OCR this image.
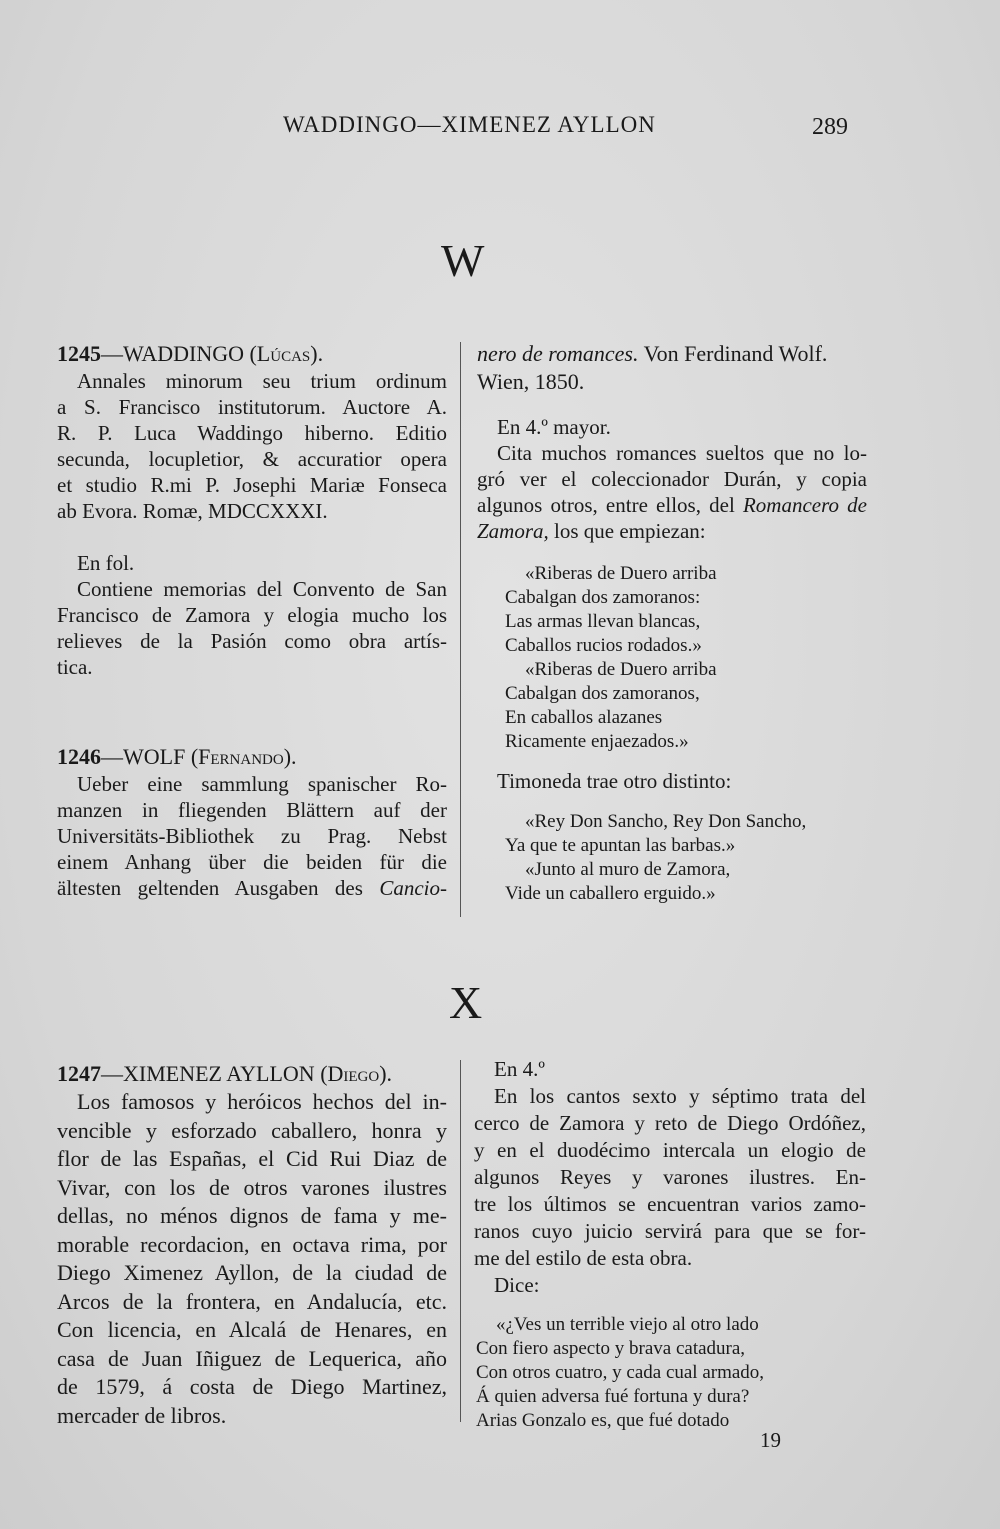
WADDINGO—XIMENEZ AYLLON	289
W

1245—WADDINGO (Lúcas).

Annales minorum seu trium ordinum

a S. Francisco institutorum. Auctore A.

R. P. Luca Waddingo hiberno. Editio

secunda, locupletior, & accuratior opera

et studio R.mi P. Josephi Mariæ Fonseca

ab Evora. Romæ, MDCCXXXI.

En fol.

Contiene memorias del Convento de San

Francisco de Zamora y elogia mucho los

relieves de la Pasión como obra artís-

tica.

1246—WOLF (Fernando).

Ueber eine sammlung spanischer Ro-

manzen in fliegenden Blättern auf der

Universitäts-Bibliothek zu Prag. Nebst

einem Anhang über die beiden für die

ältesten geltenden Ausgaben des Cancio-

nero de romances. Von Ferdinand Wolf.

Wien, 1850.

En 4.º mayor.

Cita muchos romances sueltos que no lo-

gró ver el coleccionador Durán, y copia

algunos otros, entre ellos, del Romancero de

Zamora, los que empiezan:

«Riberas de Duero arriba

Cabalgan dos zamoranos:

Las armas llevan blancas,

Caballos rucios rodados.»

«Riberas de Duero arriba

Cabalgan dos zamoranos,

En caballos alazanes

Ricamente enjaezados.»

Timoneda trae otro distinto:

«Rey Don Sancho, Rey Don Sancho,

Ya que te apuntan las barbas.»

«Junto al muro de Zamora,

Vide un caballero erguido.»

X

1247—XIMENEZ AYLLON (Diego).

Los famosos y heróicos hechos del in-

vencible y esforzado caballero, honra y

flor de las Españas, el Cid Rui Diaz de

Vivar, con los de otros varones ilustres

dellas, no ménos dignos de fama y me-

morable recordacion, en octava rima, por

Diego Ximenez Ayllon, de la ciudad de

Arcos de la frontera, en Andalucía, etc.

Con licencia, en Alcalá de Henares, en

casa de Juan Iñiguez de Lequerica, año

de 1579, á costa de Diego Martinez,

mercader de libros.

En 4.º

En los cantos sexto y séptimo trata del

cerco de Zamora y reto de Diego Ordóñez,

y en el duodécimo intercala un elogio de

algunos Reyes y varones ilustres. En-

tre los últimos se encuentran varios zamo-

ranos cuyo juicio servirá para que se for-

me del estilo de esta obra.

Dice:

«¿Ves un terrible viejo al otro lado

Con fiero aspecto y brava catadura,

Con otros cuatro, y cada cual armado,

Á quien adversa fué fortuna y dura?

Arias Gonzalo es, que fué dotado

19
